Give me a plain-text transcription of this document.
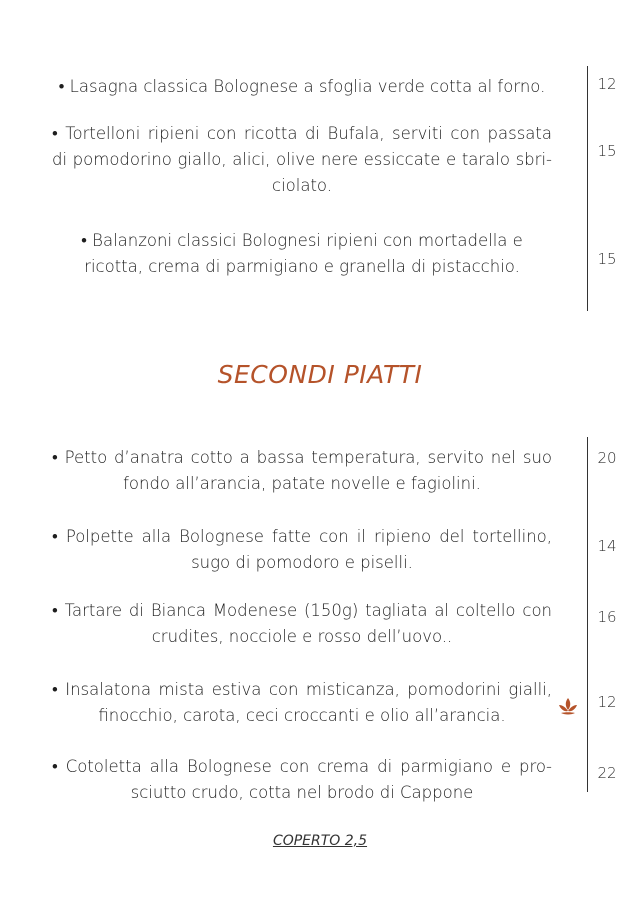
• Lasagna classica Bolognese a sfoglia verde cotta al forno.	12
• Tortelloni ripieni con ricotta di Bufala, serviti con passata di pomodorino giallo, alici, olive nere essiccate e taralo sbriciolato.
15
• Balanzoni classici Bolognesi ripieni con mortadella e ricotta, crema di parmigiano e granella di pistacchio.	15
SECONDI PIATTI
• Petto d’anatra cotto a bassa temperatura, servito nel suo fondo all’arancia, patate novelle e fagiolini.
20
• Polpette alla Bolognese fatte con il ripieno del tortellino, sugo di pomodoro e piselli.
14
• Tartare di Bianca Modenese (150g) tagliata al coltello con crudites, nocciole e rosso dell’uovo..
16
• Insalatona mista estiva con misticanza, pomodorini gialli, finocchio, carota, ceci croccanti e olio all’arancia.
12
• Cotoletta alla Bolognese con crema di parmigiano e prosciutto crudo, cotta nel brodo di Cappone
22
COPERTO 2,5
